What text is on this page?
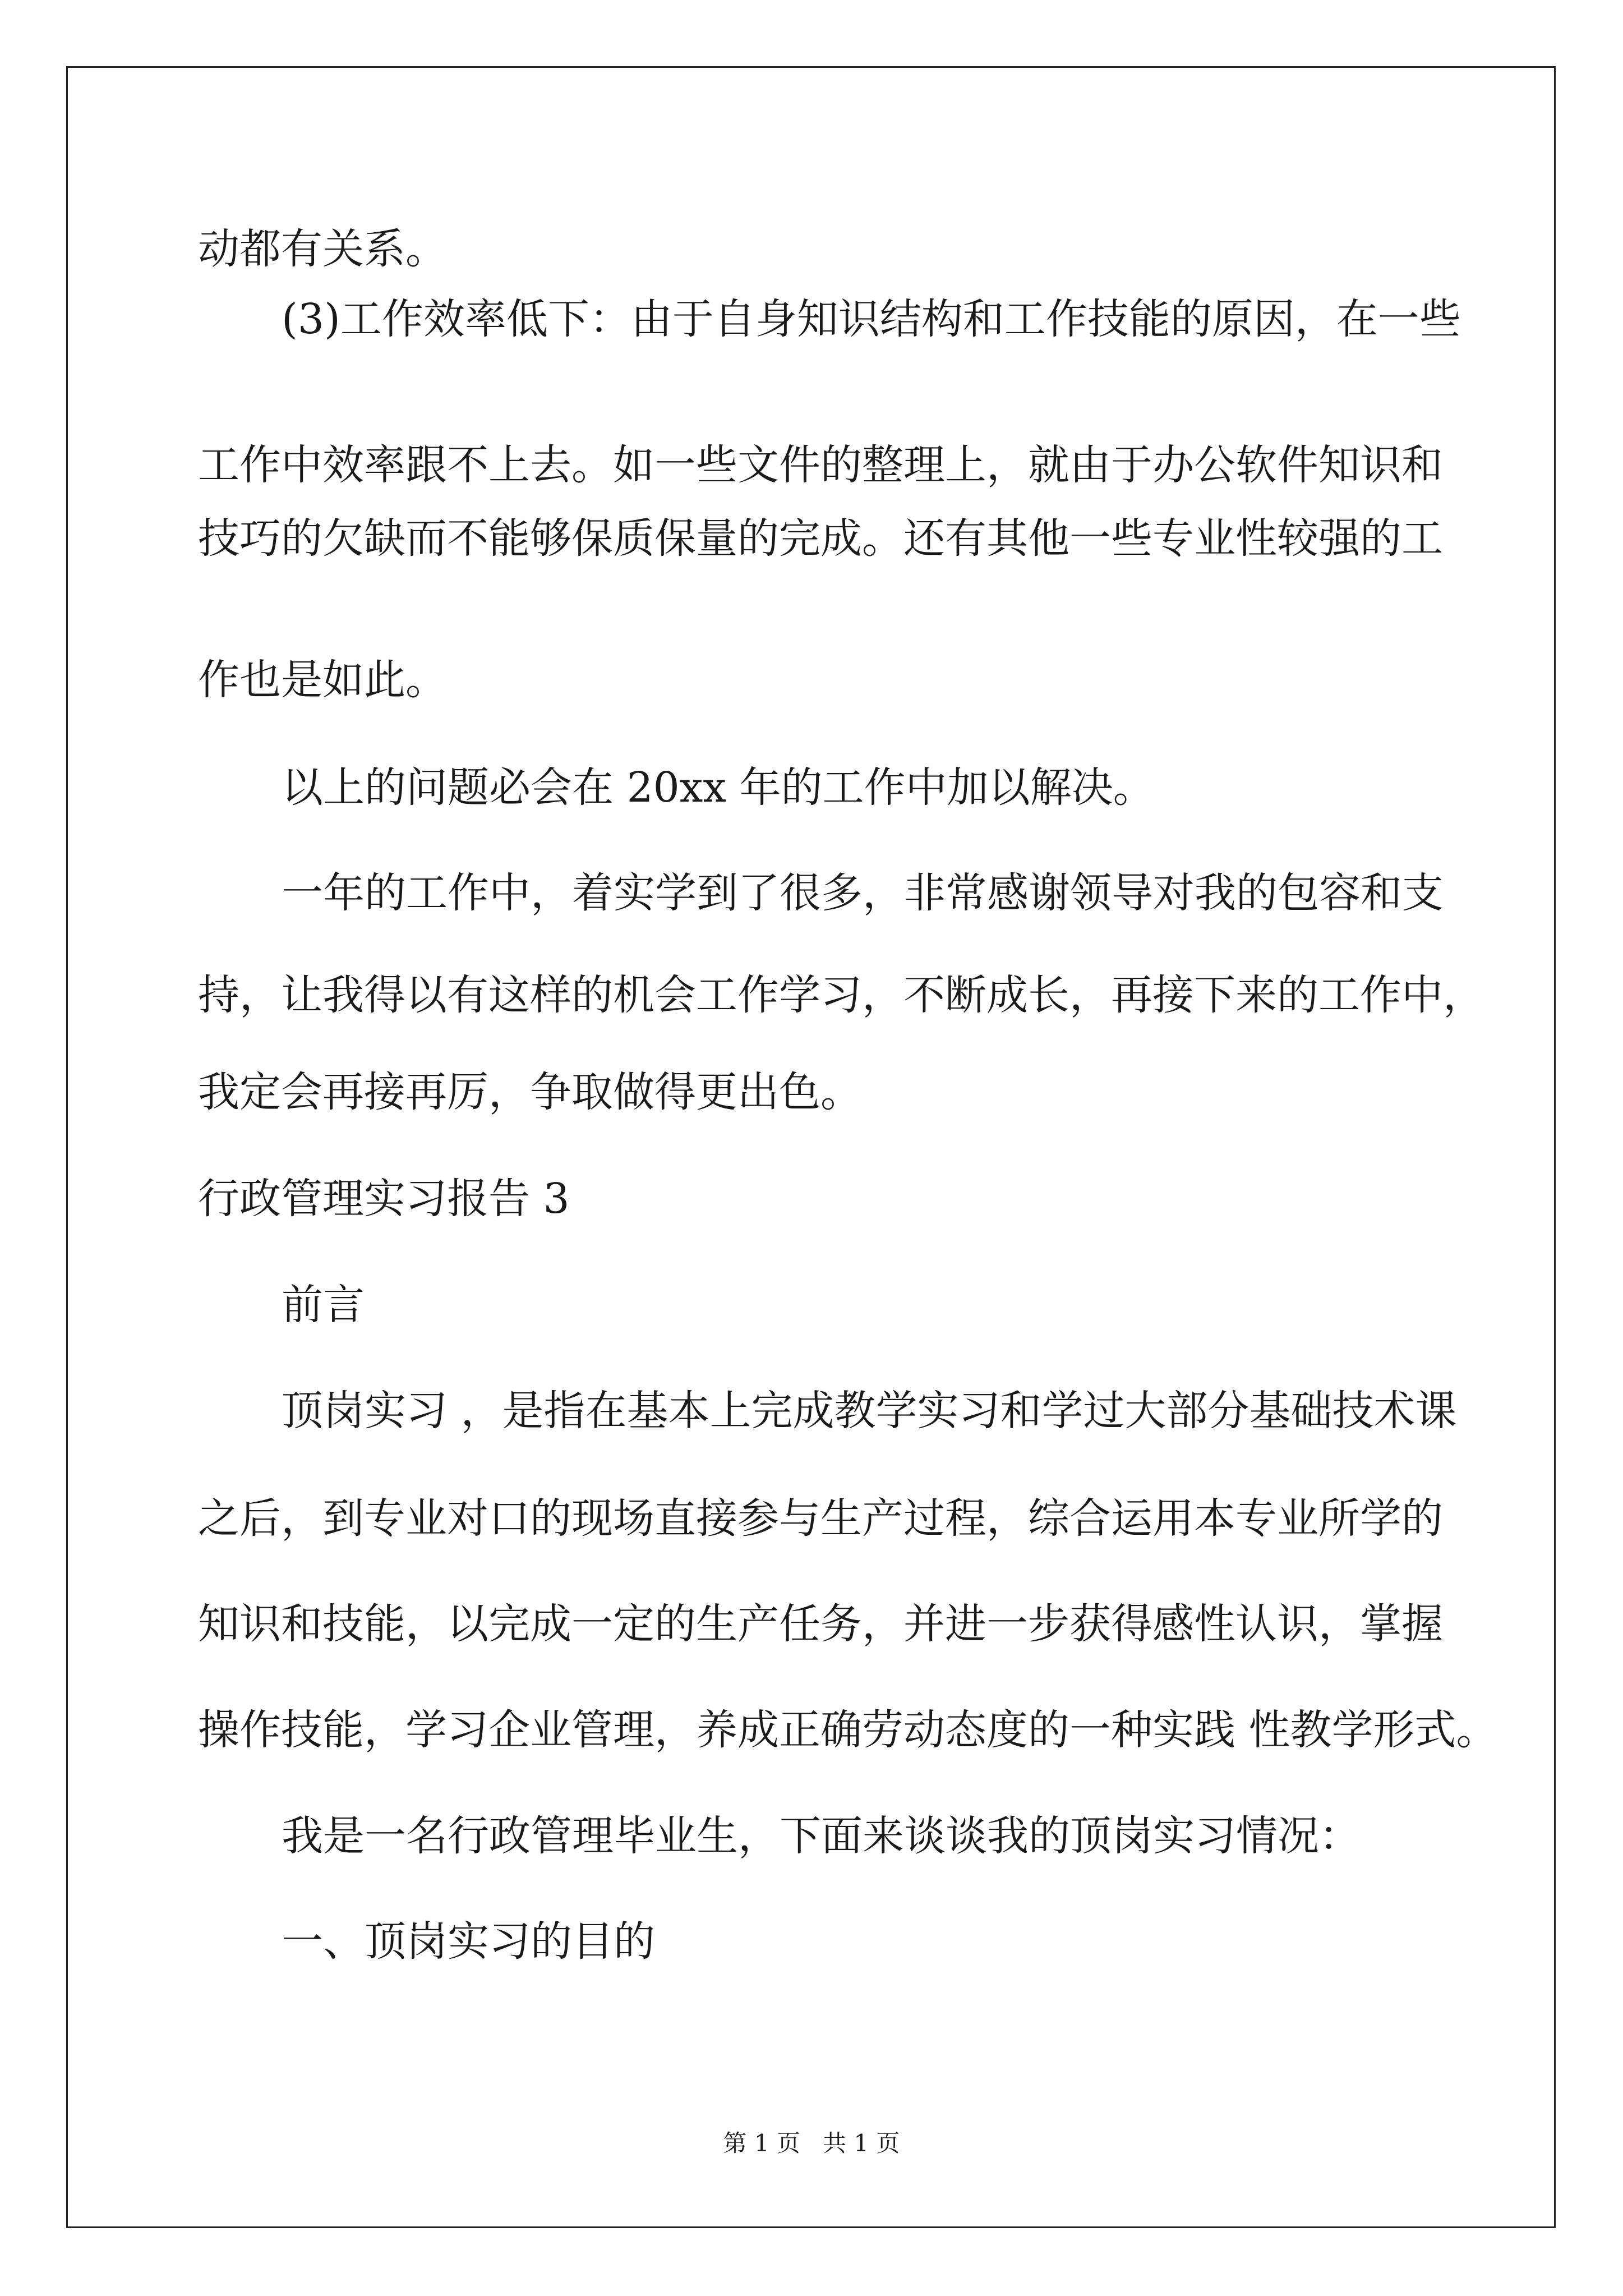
动都有关系。
(3)工作效率低下：由于自身知识结构和工作技能的原因，在一些
工作中效率跟不上去。如一些文件的整理上，就由于办公软件知识和
技巧的欠缺而不能够保质保量的完成。还有其他一些专业性较强的工
作也是如此。
以上的问题必会在 20xx 年的工作中加以解决。
一年的工作中，着实学到了很多，非常感谢领导对我的包容和支
持，让我得以有这样的机会工作学习，不断成长，再接下来的工作中，
我定会再接再厉，争取做得更出色。
行政管理实习报告 3
前言
顶岗实习 ，是指在基本上完成教学实习和学过大部分基础技术课
之后，到专业对口的现场直接参与生产过程，综合运用本专业所学的
知识和技能，以完成一定的生产任务，并进一步获得感性认识，掌握
操作技能，学习企业管理，养成正确劳动态度的一种实践 性教学形式。
我是一名行政管理毕业生，下面来谈谈我的顶岗实习情况：
一、顶岗实习的目的
第 1 页   共 1 页
